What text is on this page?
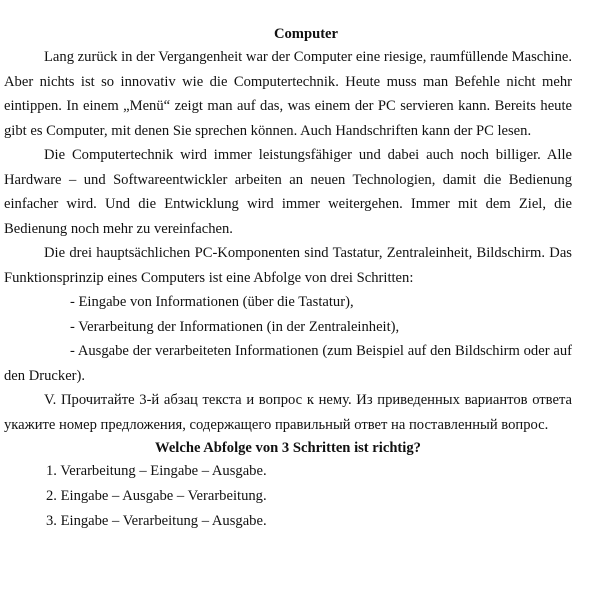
Computer

Lang zurück in der Vergangenheit war der Computer eine riesige, raumfüllende Maschine. Aber nichts ist so innovativ wie die Computertechnik. Heute muss man Befehle nicht mehr eintippen. In einem „Menü“ zeigt man auf das, was einem der PC servieren kann. Bereits heute gibt es Computer, mit denen Sie sprechen können. Auch Handschriften kann der PC lesen.

Die Computertechnik wird immer leistungsfähiger und dabei auch noch billiger. Alle Hardware – und Softwareentwickler arbeiten an neuen Technologien, damit die Bedienung einfacher wird. Und die Entwicklung wird immer weitergehen. Immer mit dem Ziel, die Bedienung noch mehr zu vereinfachen.

Die drei hauptsächlichen PC-Komponenten sind Tastatur, Zentraleinheit, Bildschirm. Das Funktionsprinzip eines Computers ist eine Abfolge von drei Schritten:

- Eingabe von Informationen (über die Tastatur),
- Verarbeitung der Informationen (in der Zentraleinheit),
- Ausgabe der verarbeiteten Informationen (zum Beispiel auf den Bildschirm oder auf den Drucker).
V. Прочитайте 3-й абзац текста и вопрос к нему. Из приведенных вариантов ответа укажите номер предложения, содержащего правильный ответ на поставленный вопрос.
Welche Abfolge von 3 Schritten ist richtig?
1. Verarbeitung – Eingabe – Ausgabe.
2. Eingabe – Ausgabe – Verarbeitung.
3. Eingabe – Verarbeitung – Ausgabe.
